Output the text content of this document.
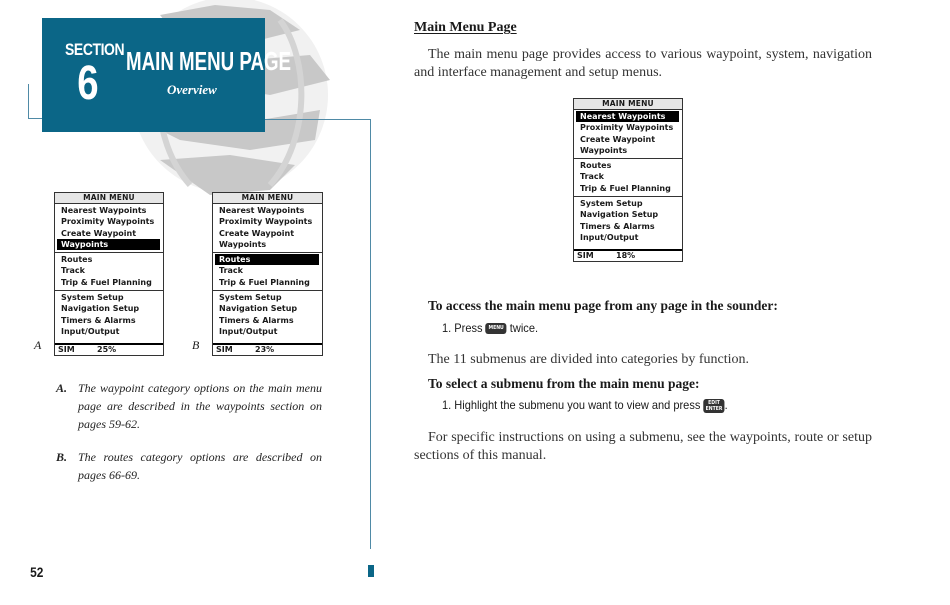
SECTION
6	MAIN MENU PAGE
Overview
A
MAIN MENU
Nearest Waypoints
Proximity Waypoints
Create Waypoint
Waypoints
Routes
Track
Trip & Fuel Planning
System Setup
Navigation Setup
Timers & Alarms
Input/Output
SIM	25%	B
MAIN MENU
Nearest Waypoints
Proximity Waypoints
Create Waypoint
Waypoints
Routes
Track
Trip & Fuel Planning
System Setup
Navigation Setup
Timers & Alarms
Input/Output
SIM	23%
A. The waypoint category options on the main menu page are described in the waypoints section on pages 59-62.
B. The routes category options are described on pages 66-69.
52
Main Menu Page
The main menu page provides access to various waypoint, system, navigation and interface management and setup menus.
MAIN MENU
Nearest Waypoints
Proximity Waypoints
Create Waypoint
Waypoints
Routes
Track
Trip & Fuel Planning
System Setup
Navigation Setup
Timers & Alarms
Input/Output
SIM	18%
To access the main menu page from any page in the sounder:
1. Press MENU twice.
The 11 submenus are divided into categories by function.
To select a submenu from the main menu page:
1. Highlight the submenu you want to view and press EDIT
ENTER .
For specific instructions on using a submenu, see the waypoints, route or setup sections of this manual.
